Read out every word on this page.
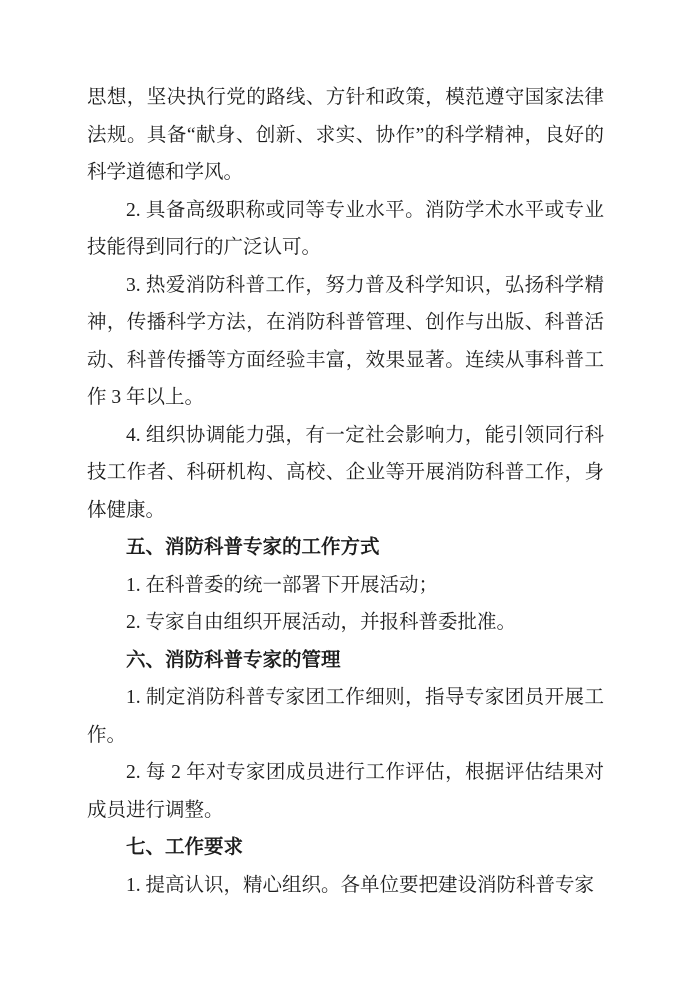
思想，坚决执行党的路线、方针和政策，模范遵守国家法律法规。具备“献身、创新、求实、协作”的科学精神，良好的科学道德和学风。

2. 具备高级职称或同等专业水平。消防学术水平或专业技能得到同行的广泛认可。

3. 热爱消防科普工作，努力普及科学知识，弘扬科学精神，传播科学方法，在消防科普管理、创作与出版、科普活动、科普传播等方面经验丰富，效果显著。连续从事科普工作 3 年以上。

4. 组织协调能力强，有一定社会影响力，能引领同行科技工作者、科研机构、高校、企业等开展消防科普工作，身体健康。

五、消防科普专家的工作方式

1. 在科普委的统一部署下开展活动；

2. 专家自由组织开展活动，并报科普委批准。

六、消防科普专家的管理

1. 制定消防科普专家团工作细则，指导专家团员开展工作。

2. 每 2 年对专家团成员进行工作评估，根据评估结果对成员进行调整。

七、工作要求

1. 提高认识，精心组织。各单位要把建设消防科普专家
